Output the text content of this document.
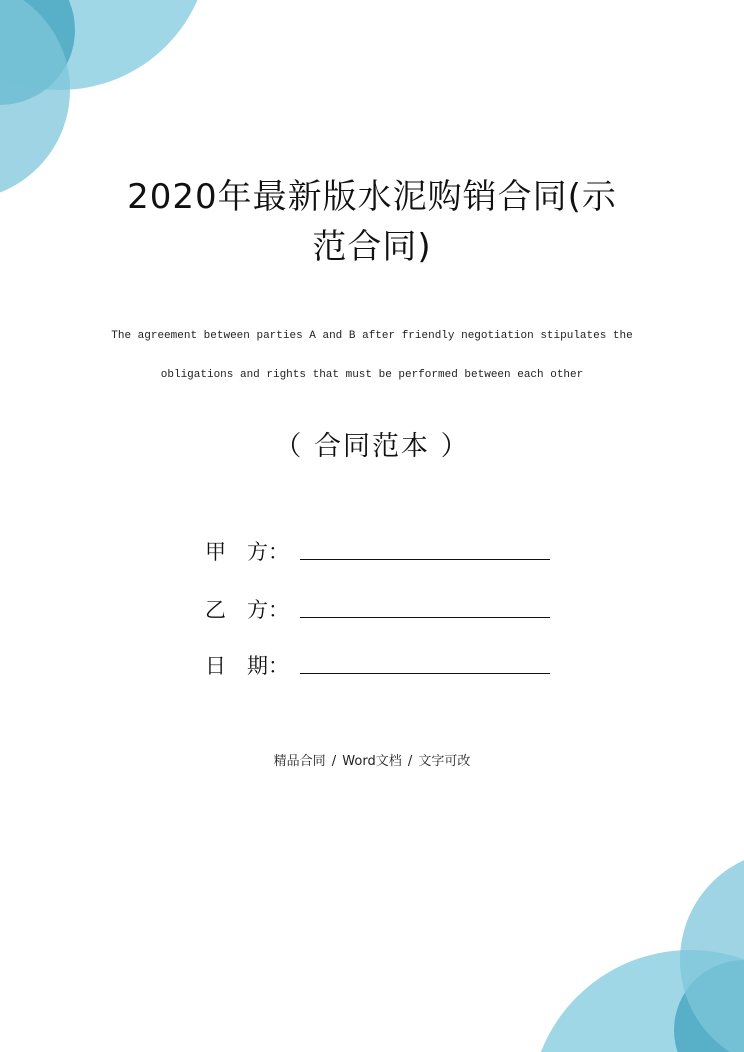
2020年最新版水泥购销合同(示
范合同)
The agreement between parties A and B after friendly negotiation stipulates the
obligations and rights that must be performed between each other
（ 合同范本 ）
甲　方：
乙　方：
日　期：
精品合同 / Word文档 / 文字可改
